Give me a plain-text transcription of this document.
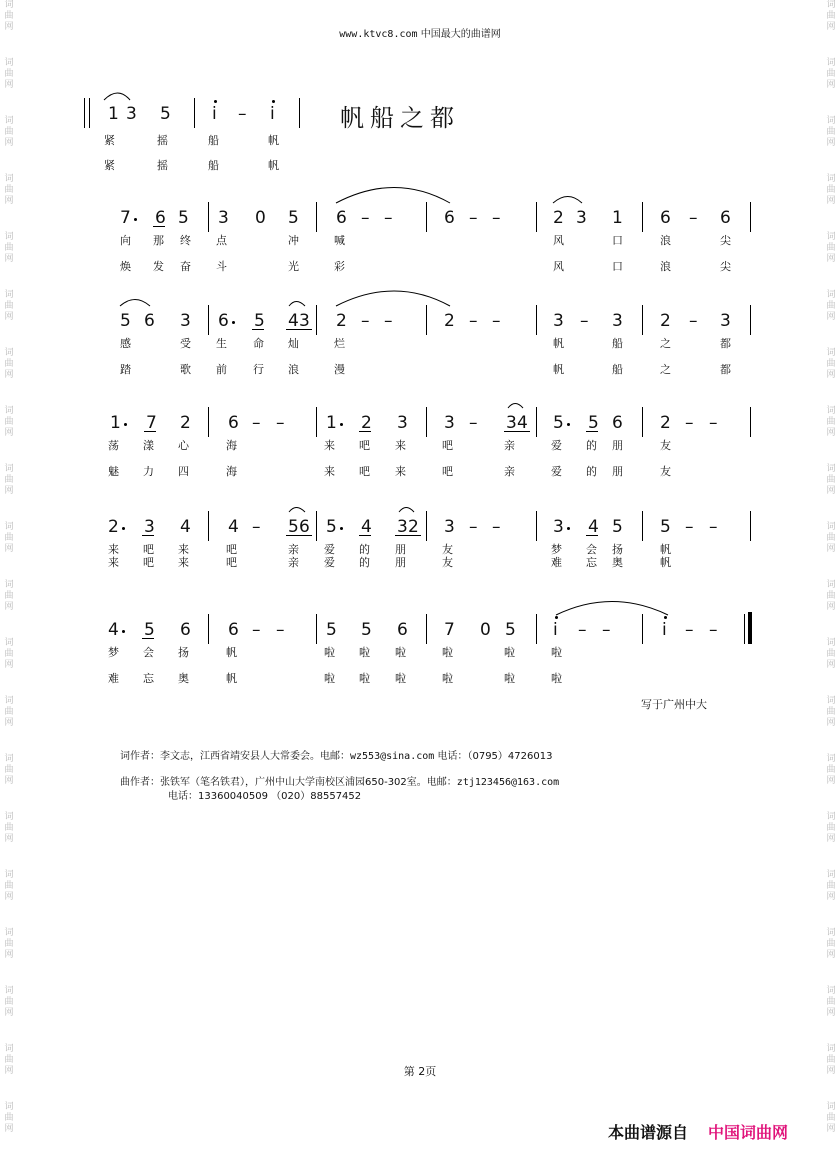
词曲网
词曲网
词曲网
词曲网
词曲网
词曲网
词曲网
词曲网
词曲网
词曲网
词曲网
词曲网
词曲网
词曲网
词曲网
词曲网
词曲网
词曲网
词曲网
词曲网
词曲网
词曲网
词曲网
词曲网
词曲网
词曲网
词曲网
词曲网
词曲网
词曲网
词曲网
词曲网
词曲网
词曲网
词曲网
词曲网
词曲网
词曲网
词曲网
词曲网
www.ktvc8.com 中国最大的曲谱网
帆船之都
1 3 5 i – i
紧	摇	船	帆
紧	摇	船	帆
7 6 5 3 0 5 6 – –	6 – –	2 3 1 6 – 6
向 那 终 点	冲	喊	风	口	浪	尖
焕 发 奋 斗	光	彩	风	口	浪	尖
5 6 3 6 5 4 3 2 – –	2 – –	3 – 3 2 – 3
感	受 生 命 灿	烂	帆	船	之	都
踏	歌 前 行 浪	漫	帆	船	之	都
1 7 2 6 – – 1 2 3 3 – 3 4 5 5 6 2 – –
荡 漾 心	海	来 吧 来	吧	亲	爱 的 朋	友
魅 力 四	海	来 吧 来	吧	亲	爱 的 朋	友
2 3 4 4 – 5 6 5 4 3 2 3 – –	3 4 5 5 – –
来 吧 来	吧	亲 爱 的 朋	友	梦 会 扬	帆
来 吧 来	吧	亲 爱 的 朋	友	难 忘 奥	帆
4 5 6 6 – – 5 5 6 7 0 5 i – –	i – –
梦 会 扬	帆	啦 啦 啦	啦	啦	啦
难 忘 奥	帆	啦 啦 啦	啦	啦	啦
写于广州中大
词作者：李文志，江西省靖安县人大常委会。电邮：wz553@sina.com 电话：（0795）4726013
曲作者：张铁军（笔名铁君），广州中山大学南校区浦园650-302室。电邮：ztj123456@163.com
电话：13360040509 （020）88557452
第 2页
本曲谱源自 中国词曲网
